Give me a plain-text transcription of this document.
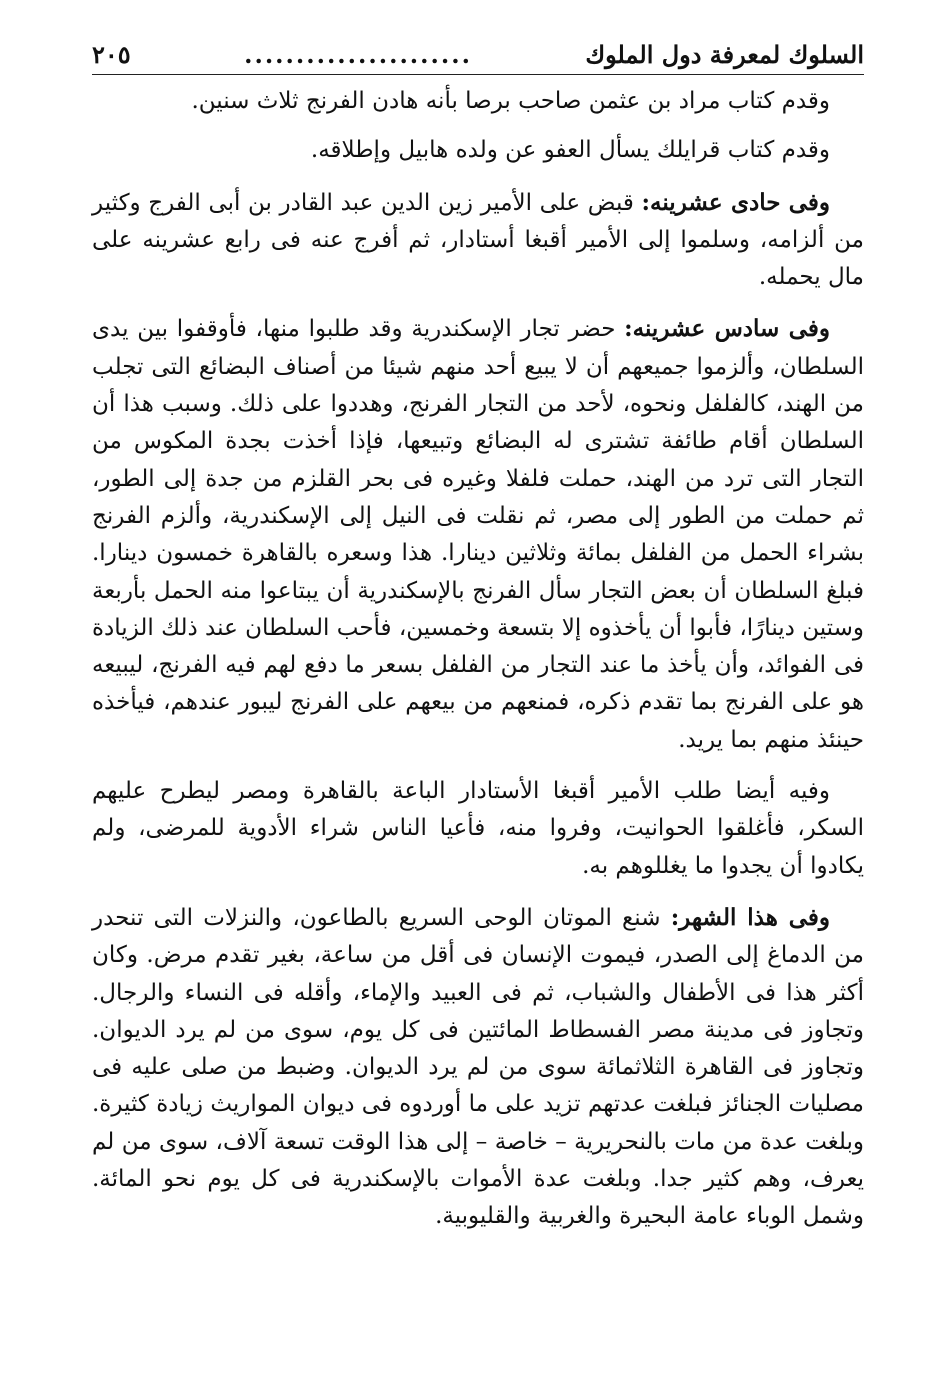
السلوك لمعرفة دول الملوك
......................
٢٠٥

وقدم كتاب مراد بن عثمن صاحب برصا بأنه هادن الفرنج ثلاث سنين.

وقدم كتاب قرايلك يسأل العفو عن ولده هابيل وإطلاقه.

وفى حادى عشرينه: قبض على الأمير زين الدين عبد القادر بن أبى الفرج وكثير من ألزامه، وسلموا إلى الأمير أقبغا أستادار، ثم أفرج عنه فى رابع عشرينه على مال يحمله.

وفى سادس عشرينه: حضر تجار الإسكندرية وقد طلبوا منها، فأوقفوا بين يدى السلطان، وألزموا جميعهم أن لا يبيع أحد منهم شيئا من أصناف البضائع التى تجلب من الهند، كالفلفل ونحوه، لأحد من التجار الفرنج، وهددوا على ذلك. وسبب هذا أن السلطان أقام طائفة تشترى له البضائع وتبيعها، فإذا أخذت بجدة المكوس من التجار التى ترد من الهند، حملت فلفلا وغيره فى بحر القلزم من جدة إلى الطور، ثم حملت من الطور إلى مصر، ثم نقلت فى النيل إلى الإسكندرية، وألزم الفرنج بشراء الحمل من الفلفل بمائة وثلاثين دينارا. هذا وسعره بالقاهرة خمسون دينارا. فبلغ السلطان أن بعض التجار سأل الفرنج بالإسكندرية أن يبتاعوا منه الحمل بأربعة وستين دينارًا، فأبوا أن يأخذوه إلا بتسعة وخمسين، فأحب السلطان عند ذلك الزيادة فى الفوائد، وأن يأخذ ما عند التجار من الفلفل بسعر ما دفع لهم فيه الفرنج، ليبيعه هو على الفرنج بما تقدم ذكره، فمنعهم من بيعهم على الفرنج ليبور عندهم، فيأخذه حينئذ منهم بما يريد.

وفيه أيضا طلب الأمير أقبغا الأستادار الباعة بالقاهرة ومصر ليطرح عليهم السكر، فأغلقوا الحوانيت، وفروا منه، فأعيا الناس شراء الأدوية للمرضى، ولم يكادوا أن يجدوا ما يغللوهم به.

وفى هذا الشهر: شنع الموتان الوحى السريع بالطاعون، والنزلات التى تنحدر من الدماغ إلى الصدر، فيموت الإنسان فى أقل من ساعة، بغير تقدم مرض. وكان أكثر هذا فى الأطفال والشباب، ثم فى العبيد والإماء، وأقله فى النساء والرجال. وتجاوز فى مدينة مصر الفسطاط المائتين فى كل يوم، سوى من لم يرد الديوان. وتجاوز فى القاهرة الثلاثمائة سوى من لم يرد الديوان. وضبط من صلى عليه فى مصليات الجنائز فبلغت عدتهم تزيد على ما أوردوه فى ديوان المواريث زيادة كثيرة. وبلغت عدة من مات بالنحريرية – خاصة – إلى هذا الوقت تسعة آلاف، سوى من لم يعرف، وهم كثير جدا. وبلغت عدة الأموات بالإسكندرية فى كل يوم نحو المائة. وشمل الوباء عامة البحيرة والغربية والقليوبية.
